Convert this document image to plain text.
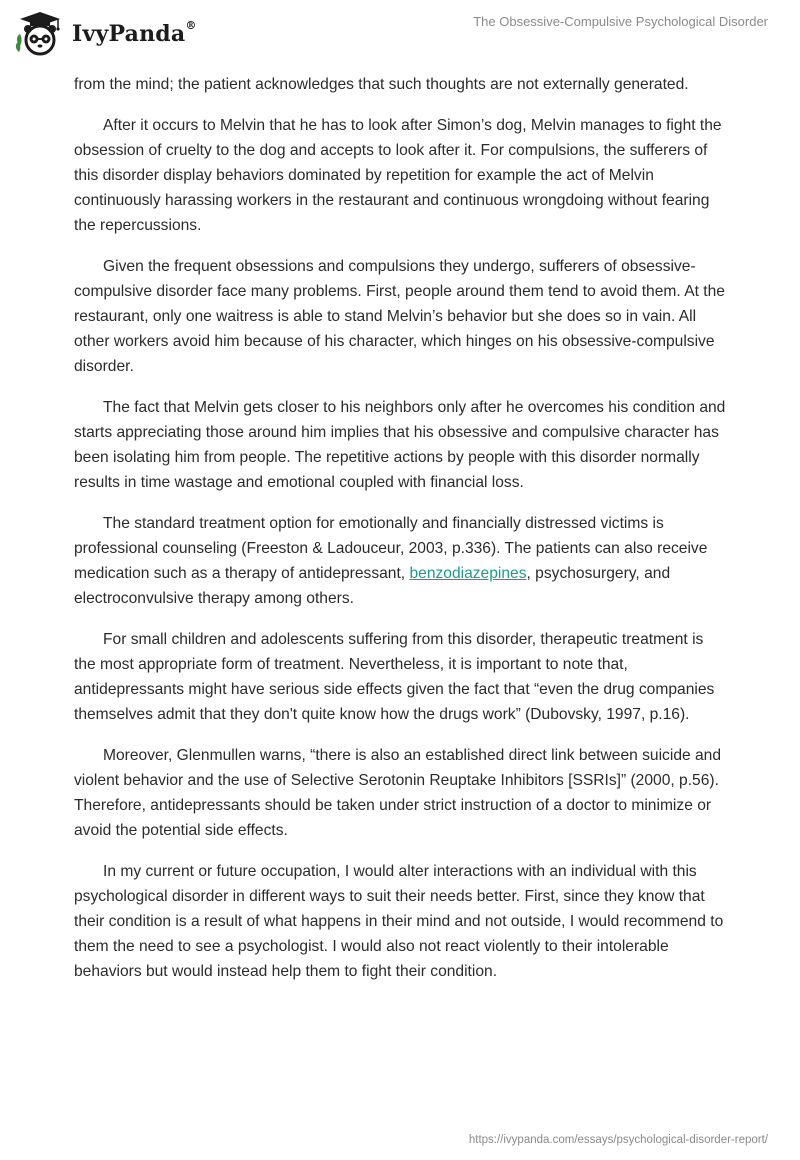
IvyPanda®	The Obsessive-Compulsive Psychological Disorder

from the mind; the patient acknowledges that such thoughts are not externally generated.

After it occurs to Melvin that he has to look after Simon’s dog, Melvin manages to fight the obsession of cruelty to the dog and accepts to look after it. For compulsions, the sufferers of this disorder display behaviors dominated by repetition for example the act of Melvin continuously harassing workers in the restaurant and continuous wrongdoing without fearing the repercussions.

Given the frequent obsessions and compulsions they undergo, sufferers of obsessive-compulsive disorder face many problems. First, people around them tend to avoid them. At the restaurant, only one waitress is able to stand Melvin’s behavior but she does so in vain. All other workers avoid him because of his character, which hinges on his obsessive-compulsive disorder.

The fact that Melvin gets closer to his neighbors only after he overcomes his condition and starts appreciating those around him implies that his obsessive and compulsive character has been isolating him from people. The repetitive actions by people with this disorder normally results in time wastage and emotional coupled with financial loss.

The standard treatment option for emotionally and financially distressed victims is professional counseling (Freeston & Ladouceur, 2003, p.336). The patients can also receive medication such as a therapy of antidepressant, benzodiazepines, psychosurgery, and electroconvulsive therapy among others.

For small children and adolescents suffering from this disorder, therapeutic treatment is the most appropriate form of treatment. Nevertheless, it is important to note that, antidepressants might have serious side effects given the fact that “even the drug companies themselves admit that they don't quite know how the drugs work” (Dubovsky, 1997, p.16).

Moreover, Glenmullen warns, “there is also an established direct link between suicide and violent behavior and the use of Selective Serotonin Reuptake Inhibitors [SSRIs]” (2000, p.56). Therefore, antidepressants should be taken under strict instruction of a doctor to minimize or avoid the potential side effects.

In my current or future occupation, I would alter interactions with an individual with this psychological disorder in different ways to suit their needs better. First, since they know that their condition is a result of what happens in their mind and not outside, I would recommend to them the need to see a psychologist. I would also not react violently to their intolerable behaviors but would instead help them to fight their condition.

https://ivypanda.com/essays/psychological-disorder-report/
